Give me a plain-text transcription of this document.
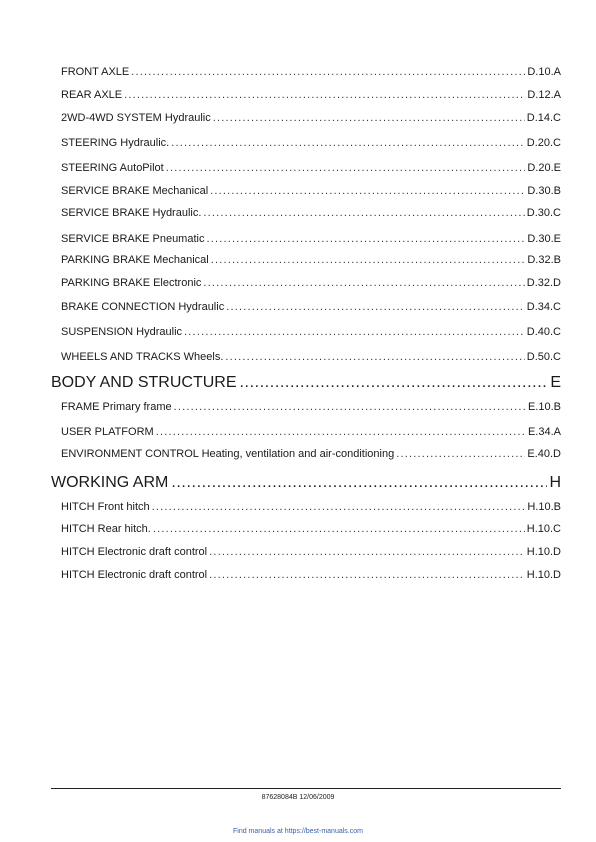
FRONT AXLE .....	D.10.A
REAR AXLE .....	D.12.A
2WD-4WD SYSTEM Hydraulic .....	D.14.C
STEERING Hydraulic. .....	D.20.C
STEERING AutoPilot .....	D.20.E
SERVICE BRAKE Mechanical .....	D.30.B
SERVICE BRAKE Hydraulic. .....	D.30.C
SERVICE BRAKE Pneumatic .....	D.30.E
PARKING BRAKE Mechanical .....	D.32.B
PARKING BRAKE Electronic .....	D.32.D
BRAKE CONNECTION Hydraulic .....	D.34.C
SUSPENSION Hydraulic .....	D.40.C
WHEELS AND TRACKS Wheels. .....	D.50.C
BODY AND STRUCTURE .....	E
FRAME Primary frame .....	E.10.B
USER PLATFORM .....	E.34.A
ENVIRONMENT CONTROL Heating, ventilation and air-conditioning .....	E.40.D
WORKING ARM .....	H
HITCH Front hitch .....	H.10.B
HITCH Rear hitch. .....	H.10.C
HITCH Electronic draft control .....	H.10.D
HITCH Electronic draft control .....	H.10.D
87628084B 12/06/2009
Find manuals at https://best-manuals.com
